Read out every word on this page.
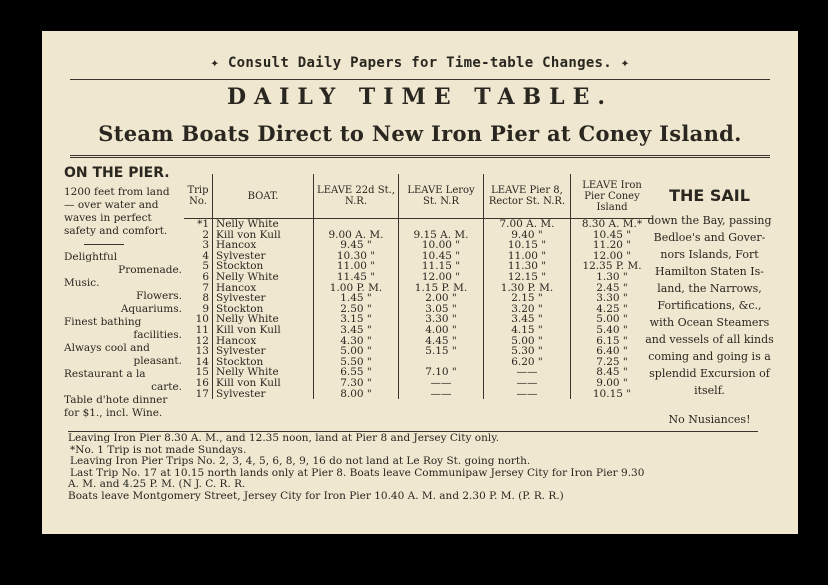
✦ Consult Daily Papers for Time-table Changes. ✦
DAILY TIME TABLE.
Steam Boats Direct to New Iron Pier at Coney Island.
ON THE PIER.
1200 feet from land
— over water and
waves in perfect
safety and comfort.
Delightful
Promenade.
Music.
Flowers.
Aquariums.
Finest bathing
facilities.
Always cool and
pleasant.
Restaurant a la
carte.
Table d'hote dinner
for $1., incl. Wine.
Trip No.	BOAT.	LEAVE 22d St., N.R.	LEAVE Leroy St. N.R	LEAVE Pier 8, Rector St. N.R.	LEAVE Iron Pier Coney Island
*1	Nelly White			7.00 A. M.	8.30 A. M.*
2	Kill von Kull	9.00 A. M.	9.15 A. M.	9.40 "	10.45 "
3	Hancox	9.45 "	10.00 "	10.15 "	11.20 "
4	Sylvester	10.30 "	10.45 "	11.00 "	12.00 "
5	Stockton	11.00 "	11.15 "	11.30 "	12.35 P. M.
6	Nelly White	11.45 "	12.00 "	12.15 "	1.30 "
7	Hancox	1.00 P. M.	1.15 P. M.	1.30 P. M.	2.45 "
8	Sylvester	1.45 "	2.00 "	2.15 "	3.30 "
9	Stockton	2.50 "	3.05 "	3.20 "	4.25 "
10	Nelly White	3.15 "	3.30 "	3.45 "	5.00 "
11	Kill von Kull	3.45 "	4.00 "	4.15 "	5.40 "
12	Hancox	4.30 "	4.45 "	5.00 "	6.15 "
13	Sylvester	5.00 "	5.15 "	5.30 "	6.40 "
14	Stockton	5.50 "		6.20 "	7.25 "
15	Nelly White	6.55 "	7.10 "	——	8.45 "
16	Kill von Kull	7.30 "	——	——	9.00 "
17	Sylvester	8.00 "	——	——	10.15 "
THE SAIL
down the Bay, passing
Bedloe's and Gover-
nors Islands, Fort
Hamilton Staten Is-
land, the Narrows,
Fortifications, &c.,
with Ocean Steamers
and vessels of all kinds
coming and going is a
splendid Excursion of
itself.
No Nusiances!
Leaving Iron Pier 8.30 A. M., and 12.35 noon, land at Pier 8 and Jersey City only.
*No. 1 Trip is not made Sundays.
Leaving Iron Pier Trips No. 2, 3, 4, 5, 6, 8, 9, 16 do not land at Le Roy St. going north.
Last Trip No. 17 at 10.15 north lands only at Pier 8. Boats leave Communipaw Jersey City for Iron Pier 9.30
A. M. and 4.25 P. M. (N J. C. R. R.
Boats leave Montgomery Street, Jersey City for Iron Pier 10.40 A. M. and 2.30 P. M. (P. R. R.)
